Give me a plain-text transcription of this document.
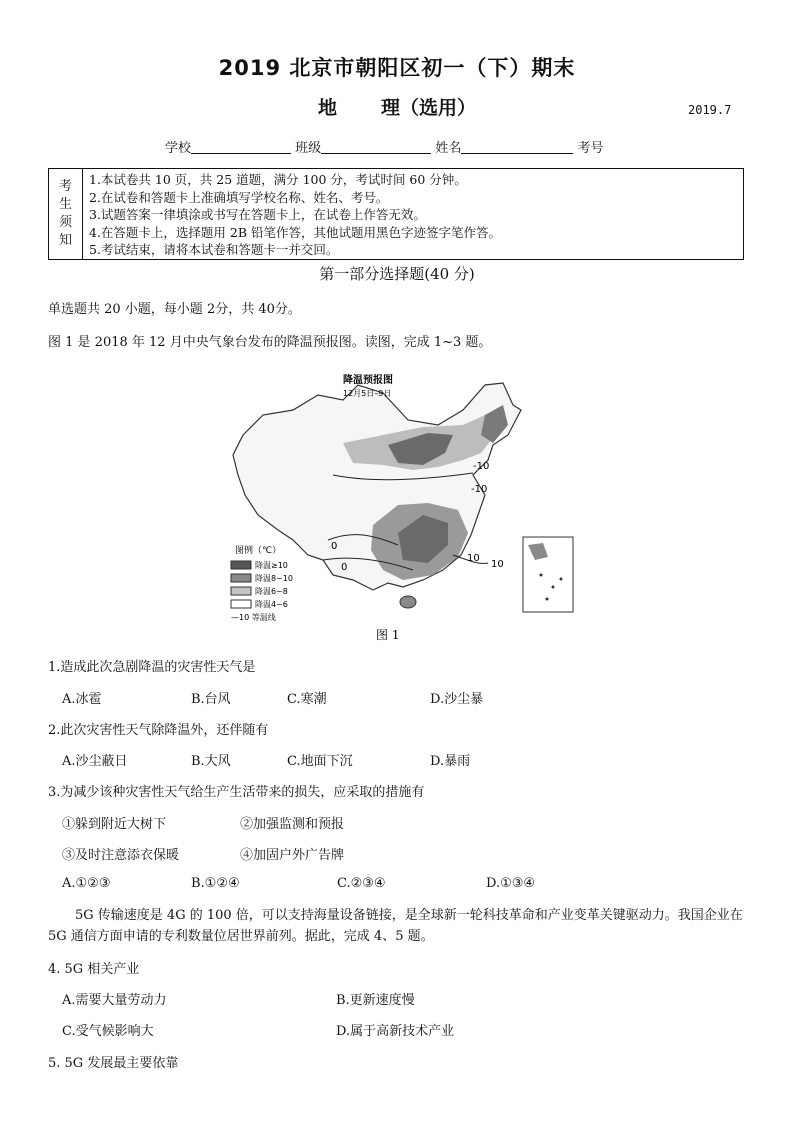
2019 北京市朝阳区初一（下）期末
地 理（选用）	2019.7
学校	班级	姓名	考号
考
生
须
知
1.本试卷共 10 页，共 25 道题，满分 100 分，考试时间 60 分钟。
2.在试卷和答题卡上准确填写学校名称、姓名、考号。
3.试题答案一律填涂或书写在答题卡上，在试卷上作答无效。
4.在答题卡上，选择题用 2B 铅笔作答，其他试题用黑色字迹签字笔作答。
5.考试结束，请将本试卷和答题卡一并交回。
第一部分选择题(40 分)
单选题共 20 小题，每小题 2分，共 40分。
图 1 是 2018 年 12 月中央气象台发布的降温预报图。读图，完成 1~3 题。
-10
-10
0
0
10
10
降温预报图
12月5日–9日
图例（℃）
降温≥10
降温8~10
降温6~8
降温4~6
—10 等温线
图 1
1.造成此次急剧降温的灾害性天气是
A.冰雹	B.台风	C.寒潮	D.沙尘暴
2.此次灾害性天气除降温外，还伴随有
A.沙尘蔽日	B.大风	C.地面下沉	D.暴雨
3.为减少该种灾害性天气给生产生活带来的损失，应采取的措施有
①躲到附近大树下	②加强监测和预报
③及时注意添衣保暖	④加固户外广告牌
A.①②③	B.①②④	C.②③④	D.①③④
5G 传输速度是 4G 的 100 倍，可以支持海量设备链接，是全球新一轮科技革命和产业变革关键驱动力。我国企业在 5G 通信方面申请的专利数量位居世界前列。据此，完成 4、5 题。
4. 5G 相关产业
A.需要大量劳动力	B.更新速度慢
C.受气候影响大	D.属于高新技术产业
5. 5G 发展最主要依靠
